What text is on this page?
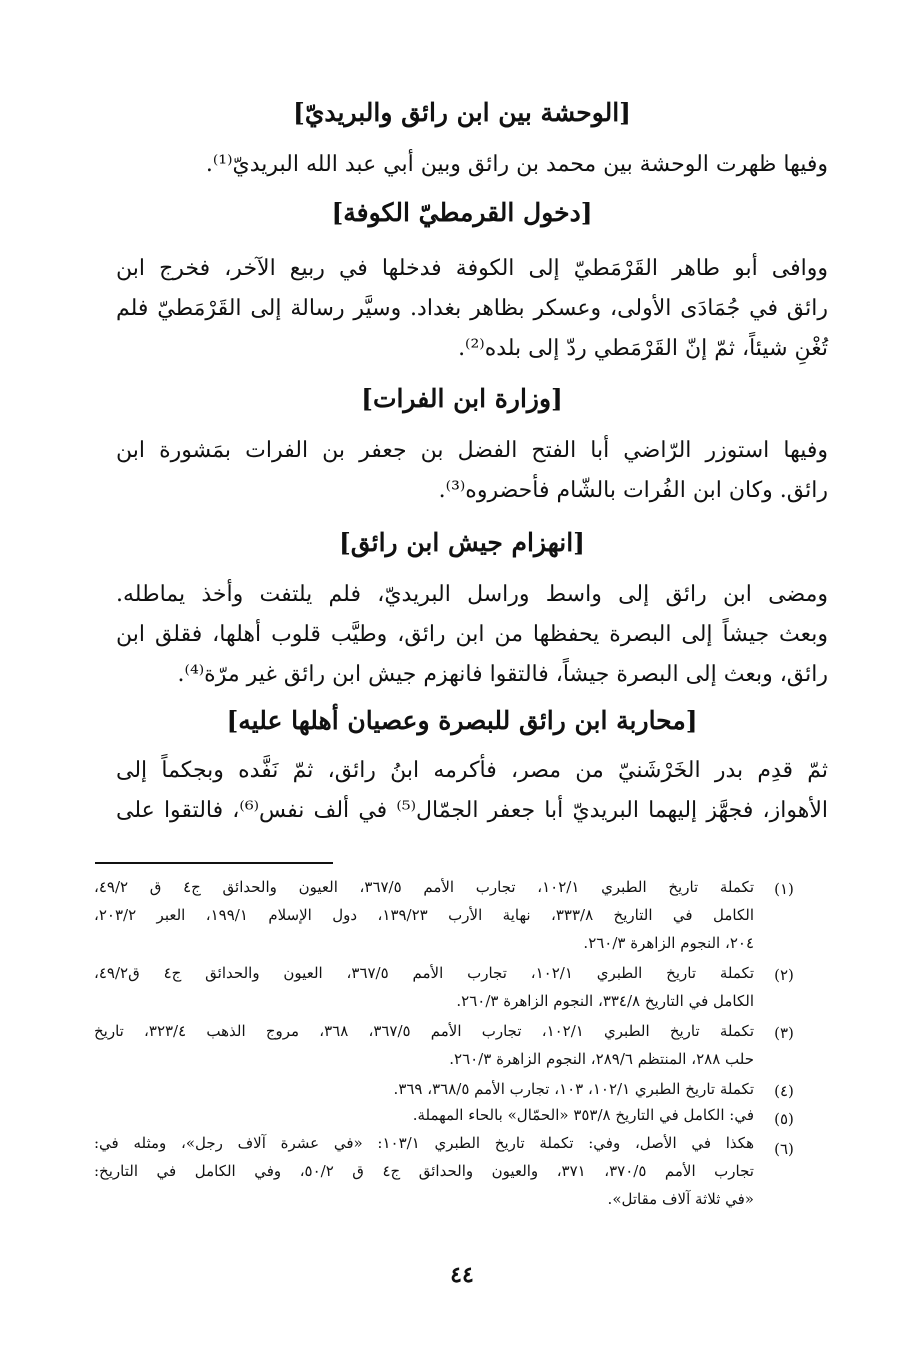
[الوحشة بين ابن رائق والبريديّ]
وفيها ظهرت الوحشة بين محمد بن رائق وبين أبي عبد الله البريديّ⁽¹⁾.
[دخول القرمطيّ الكوفة]
ووافى أبو طاهر القَرْمَطيّ إلى الكوفة فدخلها في ربيع الآخر، فخرج ابن
رائق في جُمَادَى الأولى، وعسكر بظاهر بغداد. وسيَّر رسالة إلى القَرْمَطيّ فلم
تُغْنِ شيئاً، ثمّ إنّ القَرْمَطي ردّ إلى بلده⁽²⁾.
[وزارة ابن الفرات]
وفيها استوزر الرّاضي أبا الفتح الفضل بن جعفر بن الفرات بمَشورة ابن
رائق. وكان ابن الفُرات بالشّام فأحضروه⁽³⁾.
[انهزام جيش ابن رائق]
ومضى ابن رائق إلى واسط وراسل البريديّ، فلم يلتفت وأخذ يماطله.
وبعث جيشاً إلى البصرة يحفظها من ابن رائق، وطيَّب قلوب أهلها، فقلق ابن
رائق، وبعث إلى البصرة جيشاً، فالتقوا فانهزم جيش ابن رائق غير مرّة⁽⁴⁾.
[محاربة ابن رائق للبصرة وعصيان أهلها عليه]
ثمّ قدِم بدر الخَرْشَنيّ من مصر، فأكرمه ابنُ رائق، ثمّ نَفَّده وبجكماً إلى
الأهواز، فجهَّز إليهما البريديّ أبا جعفر الجمّال⁽⁵⁾ في ألف نفس⁽⁶⁾، فالتقوا على
(١)
تكملة تاريخ الطبري ١٠٢/١، تجارب الأمم ٣٦٧/٥، العيون والحدائق ج٤ ق ٤٩/٢،
الكامل في التاريخ ٣٣٣/٨، نهاية الأرب ١٣٩/٢٣، دول الإسلام ١٩٩/١، العبر ٢٠٣/٢،
٢٠٤، النجوم الزاهرة ٢٦٠/٣.
(٢)
تكملة تاريخ الطبري ١٠٢/١، تجارب الأمم ٣٦٧/٥، العيون والحدائق ج٤ ق٤٩/٢،
الكامل في التاريخ ٣٣٤/٨، النجوم الزاهرة ٢٦٠/٣.
(٣)
تكملة تاريخ الطبري ١٠٢/١، تجارب الأمم ٣٦٧/٥، ٣٦٨، مروج الذهب ٣٢٣/٤، تاريخ
حلب ٢٨٨، المنتظم ٢٨٩/٦، النجوم الزاهرة ٢٦٠/٣.
(٤)
تكملة تاريخ الطبري ١٠٢/١، ١٠٣، تجارب الأمم ٣٦٨/٥، ٣٦٩.
(٥)
في: الكامل في التاريخ ٣٥٣/٨ «الحمّال» بالحاء المهملة.
(٦)
هكذا في الأصل، وفي: تكملة تاريخ الطبري ١٠٣/١: «في عشرة آلاف رجل»، ومثله في:
تجارب الأمم ٣٧٠/٥، ٣٧١، والعيون والحدائق ج٤ ق ٥٠/٢، وفي الكامل في التاريخ:
«في ثلاثة آلاف مقاتل».
٤٤
